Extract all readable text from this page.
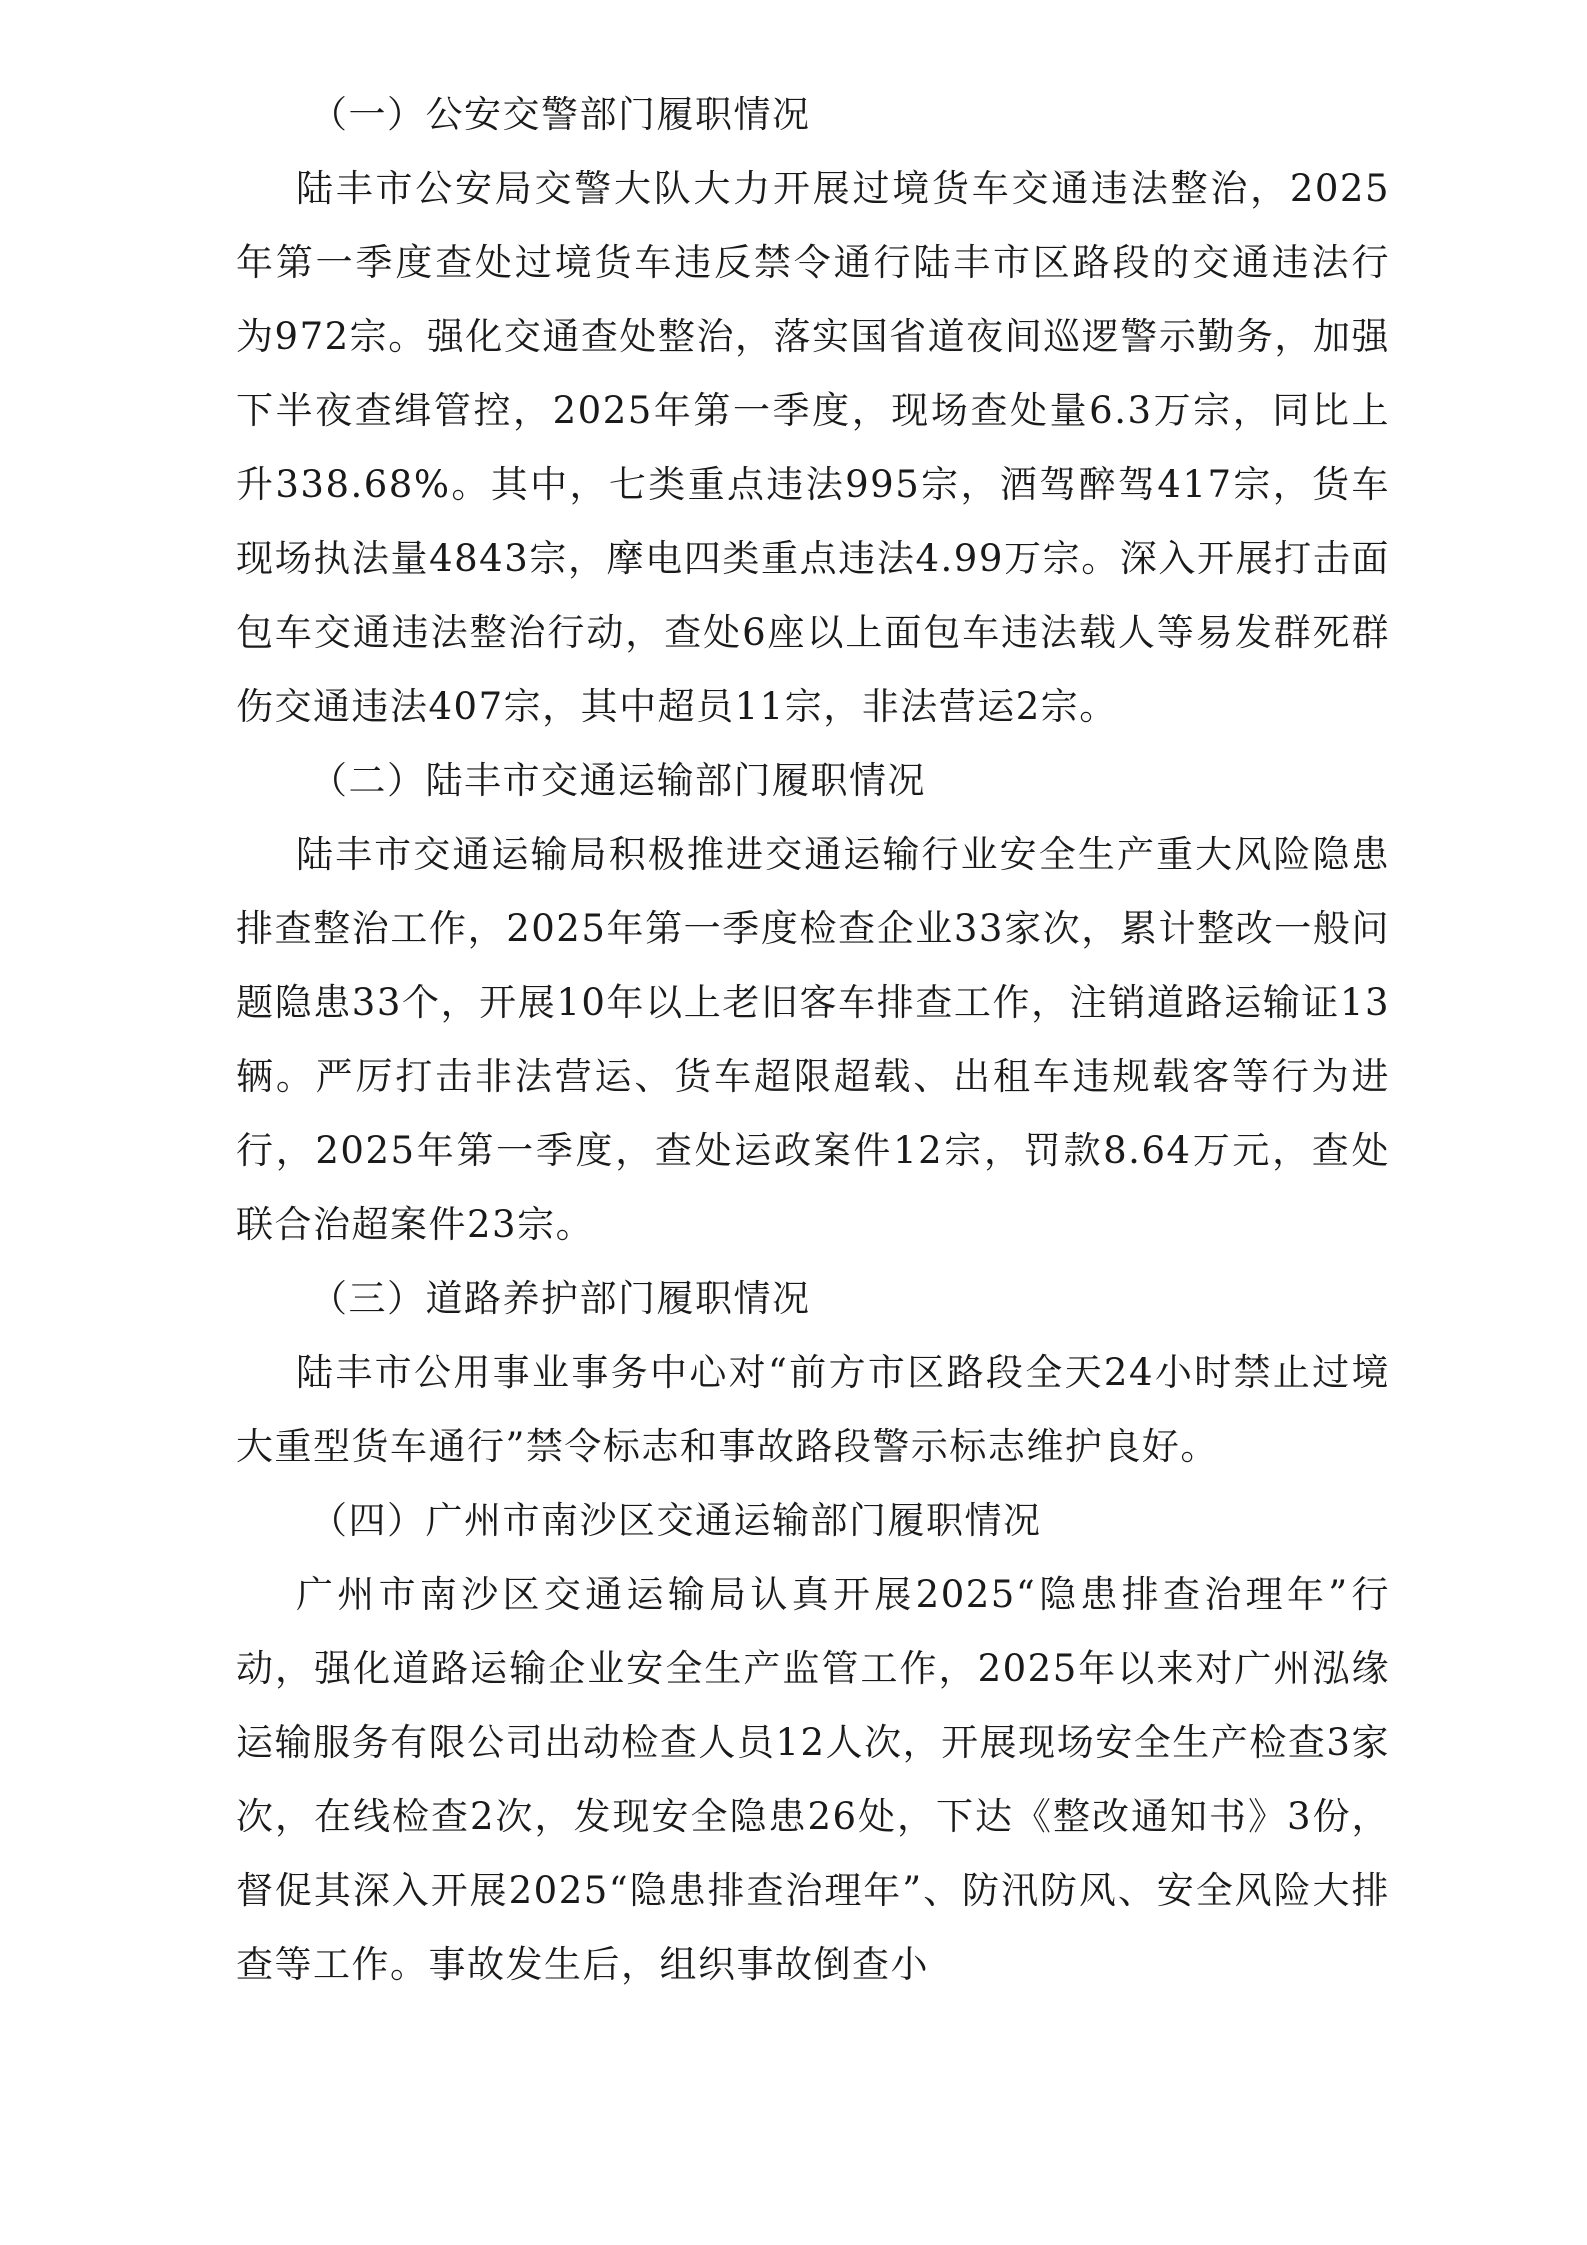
（一）公安交警部门履职情况

陆丰市公安局交警大队大力开展过境货车交通违法整治，2025年第一季度查处过境货车违反禁令通行陆丰市区路段的交通违法行为972宗。强化交通查处整治，落实国省道夜间巡逻警示勤务，加强下半夜查缉管控，2025年第一季度，现场查处量6.3万宗，同比上升338.68%。其中，七类重点违法995宗，酒驾醉驾417宗，货车现场执法量4843宗，摩电四类重点违法4.99万宗。深入开展打击面包车交通违法整治行动，查处6座以上面包车违法载人等易发群死群伤交通违法407宗，其中超员11宗，非法营运2宗。

（二）陆丰市交通运输部门履职情况

陆丰市交通运输局积极推进交通运输行业安全生产重大风险隐患排查整治工作，2025年第一季度检查企业33家次，累计整改一般问题隐患33个，开展10年以上老旧客车排查工作，注销道路运输证13辆。严厉打击非法营运、货车超限超载、出租车违规载客等行为进行，2025年第一季度，查处运政案件12宗，罚款8.64万元，查处联合治超案件23宗。

（三）道路养护部门履职情况

陆丰市公用事业事务中心对“前方市区路段全天24小时禁止过境大重型货车通行”禁令标志和事故路段警示标志维护良好。

（四）广州市南沙区交通运输部门履职情况

广州市南沙区交通运输局认真开展2025“隐患排查治理年”行动，强化道路运输企业安全生产监管工作，2025年以来对广州泓缘运输服务有限公司出动检查人员12人次，开展现场安全生产检查3家次，在线检查2次，发现安全隐患26处，下达《整改通知书》3份，督促其深入开展2025“隐患排查治理年”、防汛防风、安全风险大排查等工作。事故发生后，组织事故倒查小
